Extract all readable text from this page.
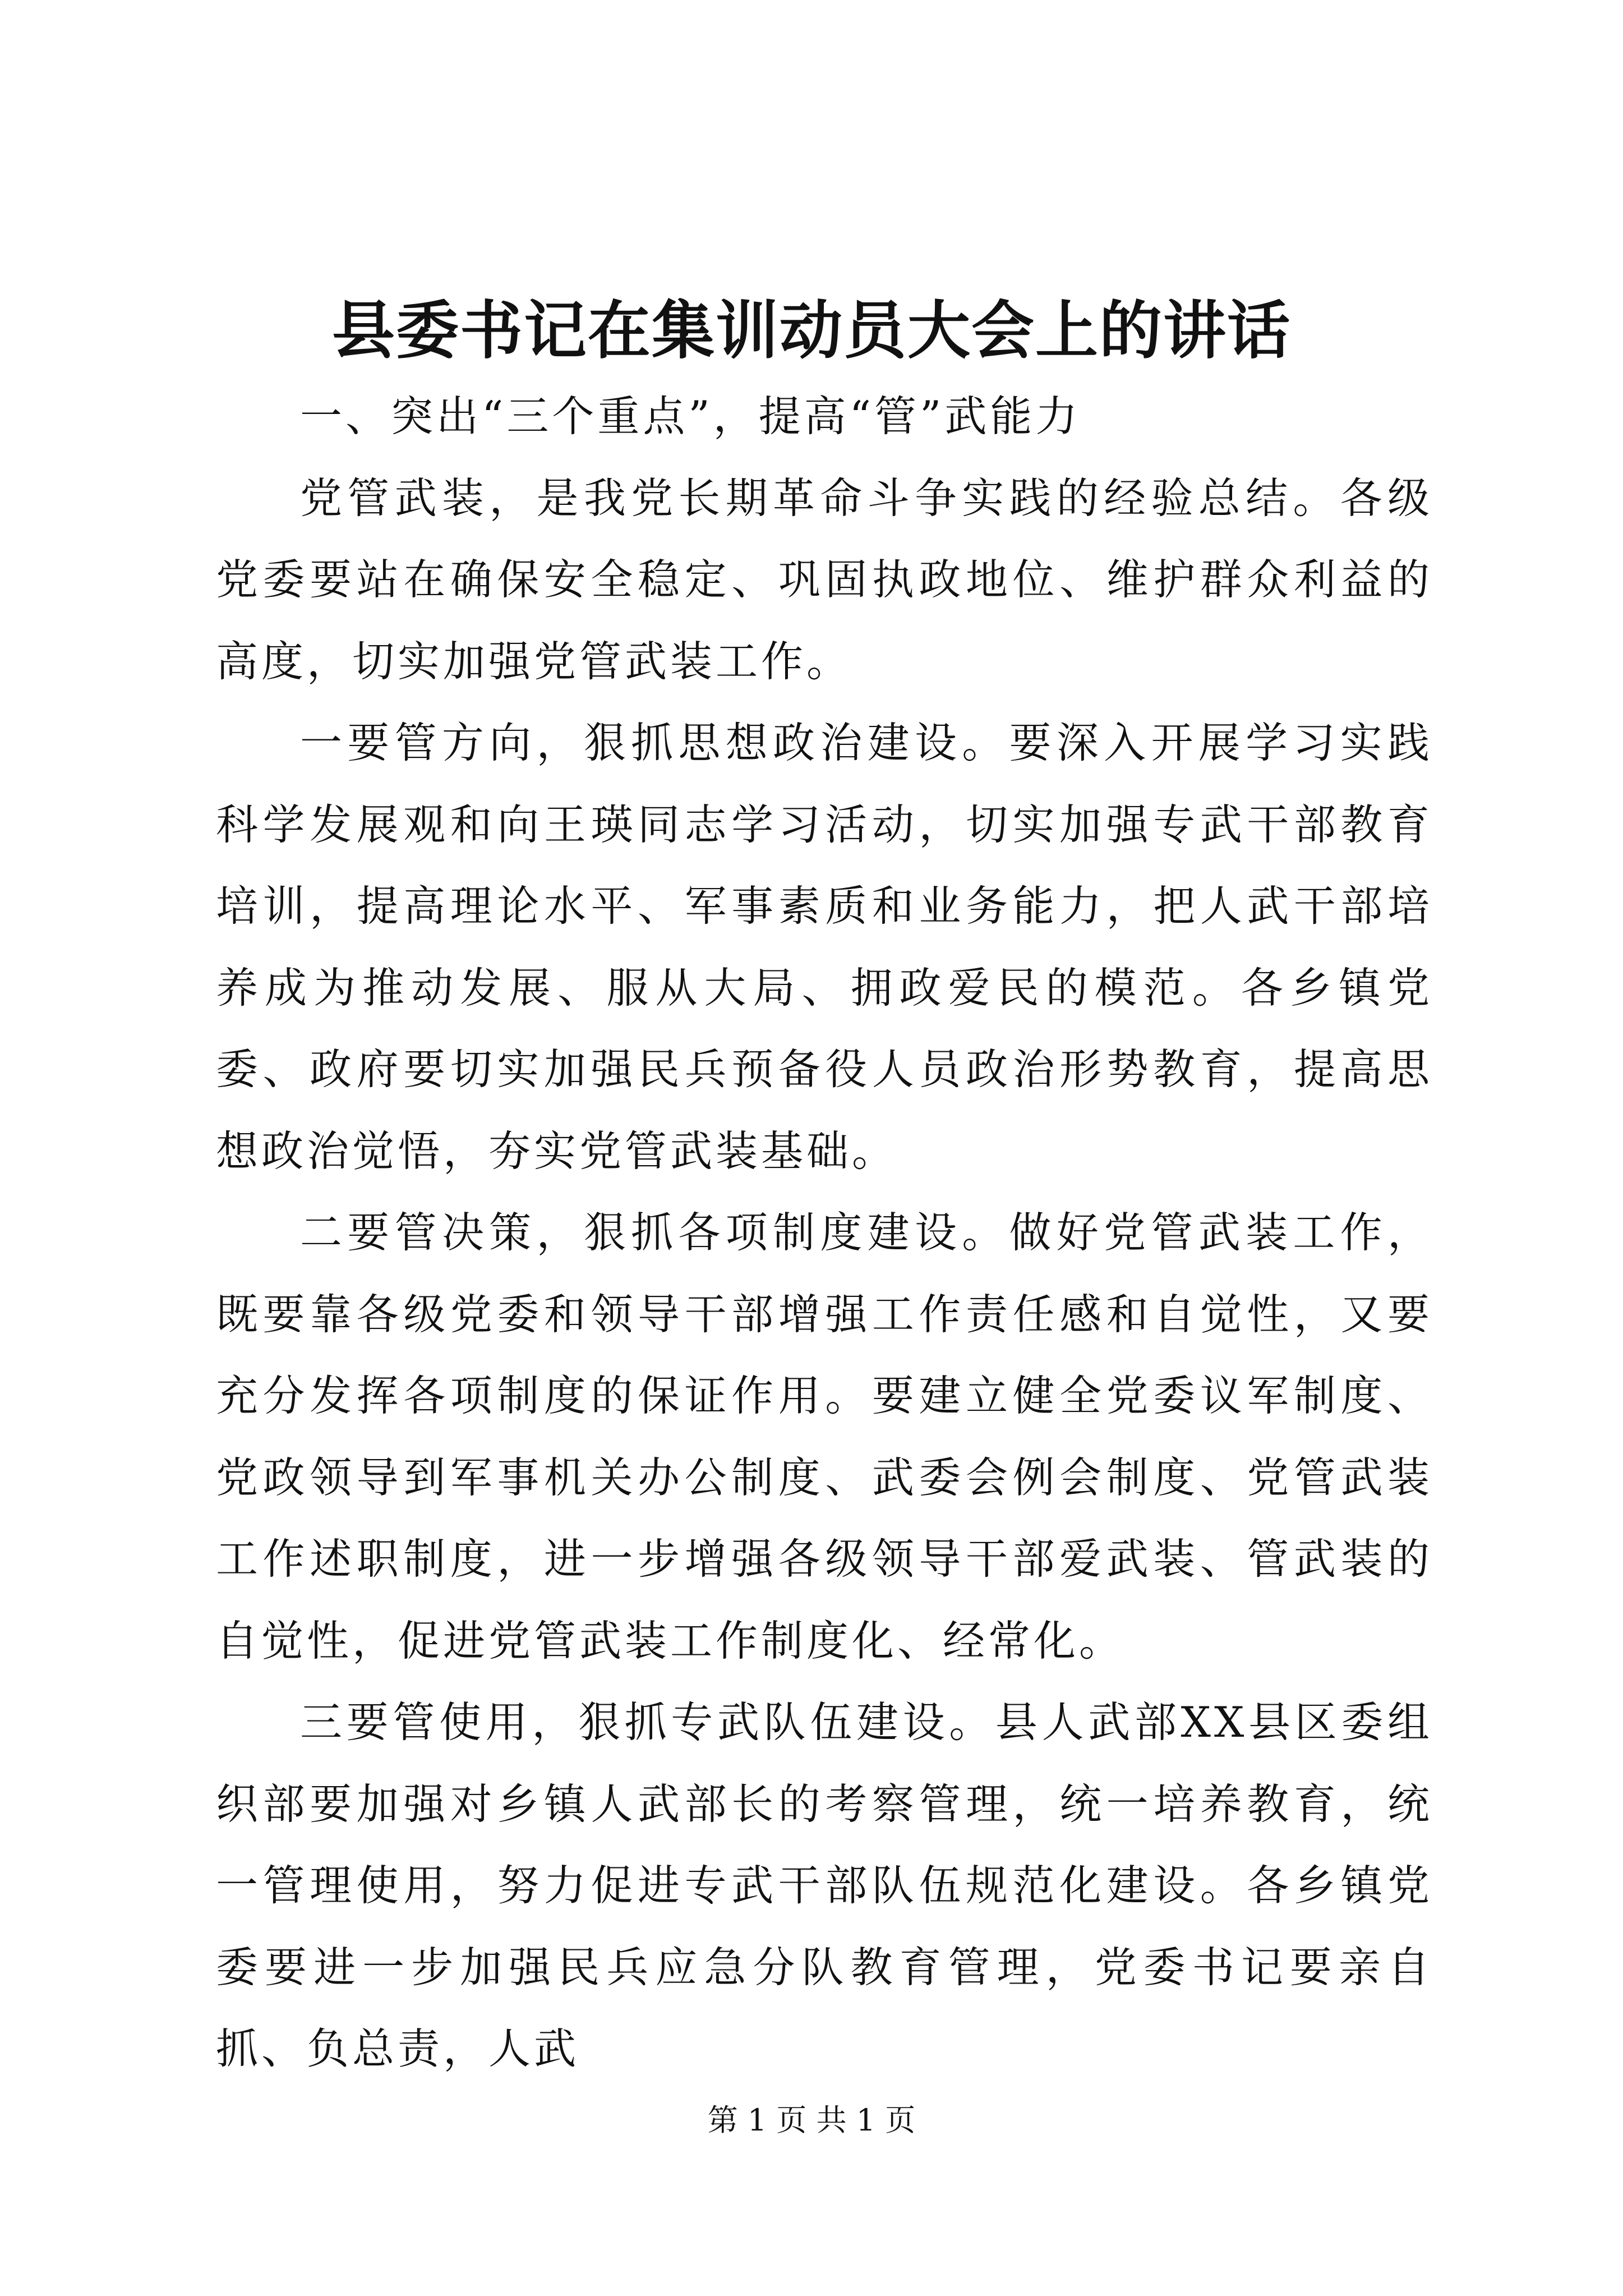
县委书记在集训动员大会上的讲话

一、突出“三个重点”，提高“管”武能力

党管武装，是我党长期革命斗争实践的经验总结。各级党委要站在确保安全稳定、巩固执政地位、维护群众利益的高度，切实加强党管武装工作。

一要管方向，狠抓思想政治建设。要深入开展学习实践科学发展观和向王瑛同志学习活动，切实加强专武干部教育培训，提高理论水平、军事素质和业务能力，把人武干部培养成为推动发展、服从大局、拥政爱民的模范。各乡镇党委、政府要切实加强民兵预备役人员政治形势教育，提高思想政治觉悟，夯实党管武装基础。

二要管决策，狠抓各项制度建设。做好党管武装工作，既要靠各级党委和领导干部增强工作责任感和自觉性，又要充分发挥各项制度的保证作用。要建立健全党委议军制度、党政领导到军事机关办公制度、武委会例会制度、党管武装工作述职制度，进一步增强各级领导干部爱武装、管武装的自觉性，促进党管武装工作制度化、经常化。

三要管使用，狠抓专武队伍建设。县人武部XX县区委组织部要加强对乡镇人武部长的考察管理，统一培养教育，统一管理使用，努力促进专武干部队伍规范化建设。各乡镇党委要进一步加强民兵应急分队教育管理，党委书记要亲自抓、负总责，人武

第 1 页 共 1 页
